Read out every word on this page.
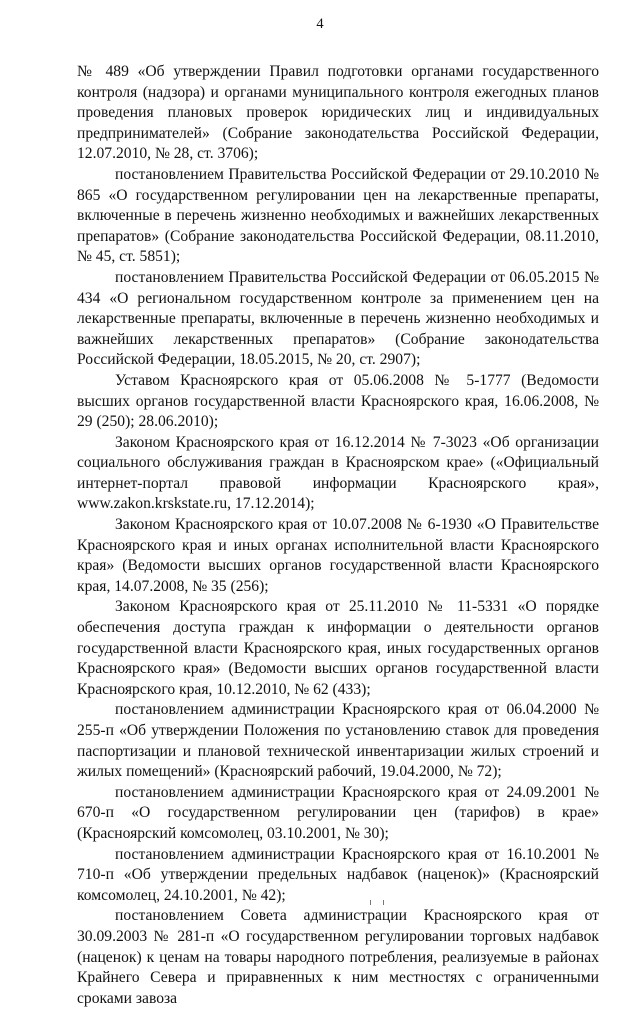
4

№ 489 «Об утверждении Правил подготовки органами государственного контроля (надзора) и органами муниципального контроля ежегодных планов проведения плановых проверок юридических лиц и индивидуальных предпринимателей» (Собрание законодательства Российской Федерации, 12.07.2010, № 28, ст. 3706);

постановлением Правительства Российской Федерации от 29.10.2010 № 865 «О государственном регулировании цен на лекарственные препараты, включенные в перечень жизненно необходимых и важнейших лекарственных препаратов» (Собрание законодательства Российской Федерации, 08.11.2010, № 45, ст. 5851);

постановлением Правительства Российской Федерации от 06.05.2015 № 434 «О региональном государственном контроле за применением цен на лекарственные препараты, включенные в перечень жизненно необходимых и важнейших лекарственных препаратов» (Собрание законодательства Российской Федерации, 18.05.2015, № 20, ст. 2907);

Уставом Красноярского края от 05.06.2008 № 5-1777 (Ведомости высших органов государственной власти Красноярского края, 16.06.2008, № 29 (250); 28.06.2010);

Законом Красноярского края от 16.12.2014 № 7-3023 «Об организации социального обслуживания граждан в Красноярском крае» («Официальный интернет-портал правовой информации Красноярского края», www.zakon.krskstate.ru, 17.12.2014);

Законом Красноярского края от 10.07.2008 № 6-1930 «О Правительстве Красноярского края и иных органах исполнительной власти Красноярского края» (Ведомости высших органов государственной власти Красноярского края, 14.07.2008, № 35 (256);

Законом Красноярского края от 25.11.2010 № 11-5331 «О порядке обеспечения доступа граждан к информации о деятельности органов государственной власти Красноярского края, иных государственных органов Красноярского края» (Ведомости высших органов государственной власти Красноярского края, 10.12.2010, № 62 (433);

постановлением администрации Красноярского края от 06.04.2000 № 255-п «Об утверждении Положения по установлению ставок для проведения паспортизации и плановой технической инвентаризации жилых строений и жилых помещений» (Красноярский рабочий, 19.04.2000, № 72);

постановлением администрации Красноярского края от 24.09.2001 № 670-п «О государственном регулировании цен (тарифов) в крае» (Красноярский комсомолец, 03.10.2001, № 30);

постановлением администрации Красноярского края от 16.10.2001 № 710-п «Об утверждении предельных надбавок (наценок)» (Красноярский комсомолец, 24.10.2001, № 42);

постановлением Совета администрации Красноярского края от 30.09.2003 № 281-п «О государственном регулировании торговых надбавок (наценок) к ценам на товары народного потребления, реализуемые в районах Крайнего Севера и приравненных к ним местностях с ограниченными сроками завоза
